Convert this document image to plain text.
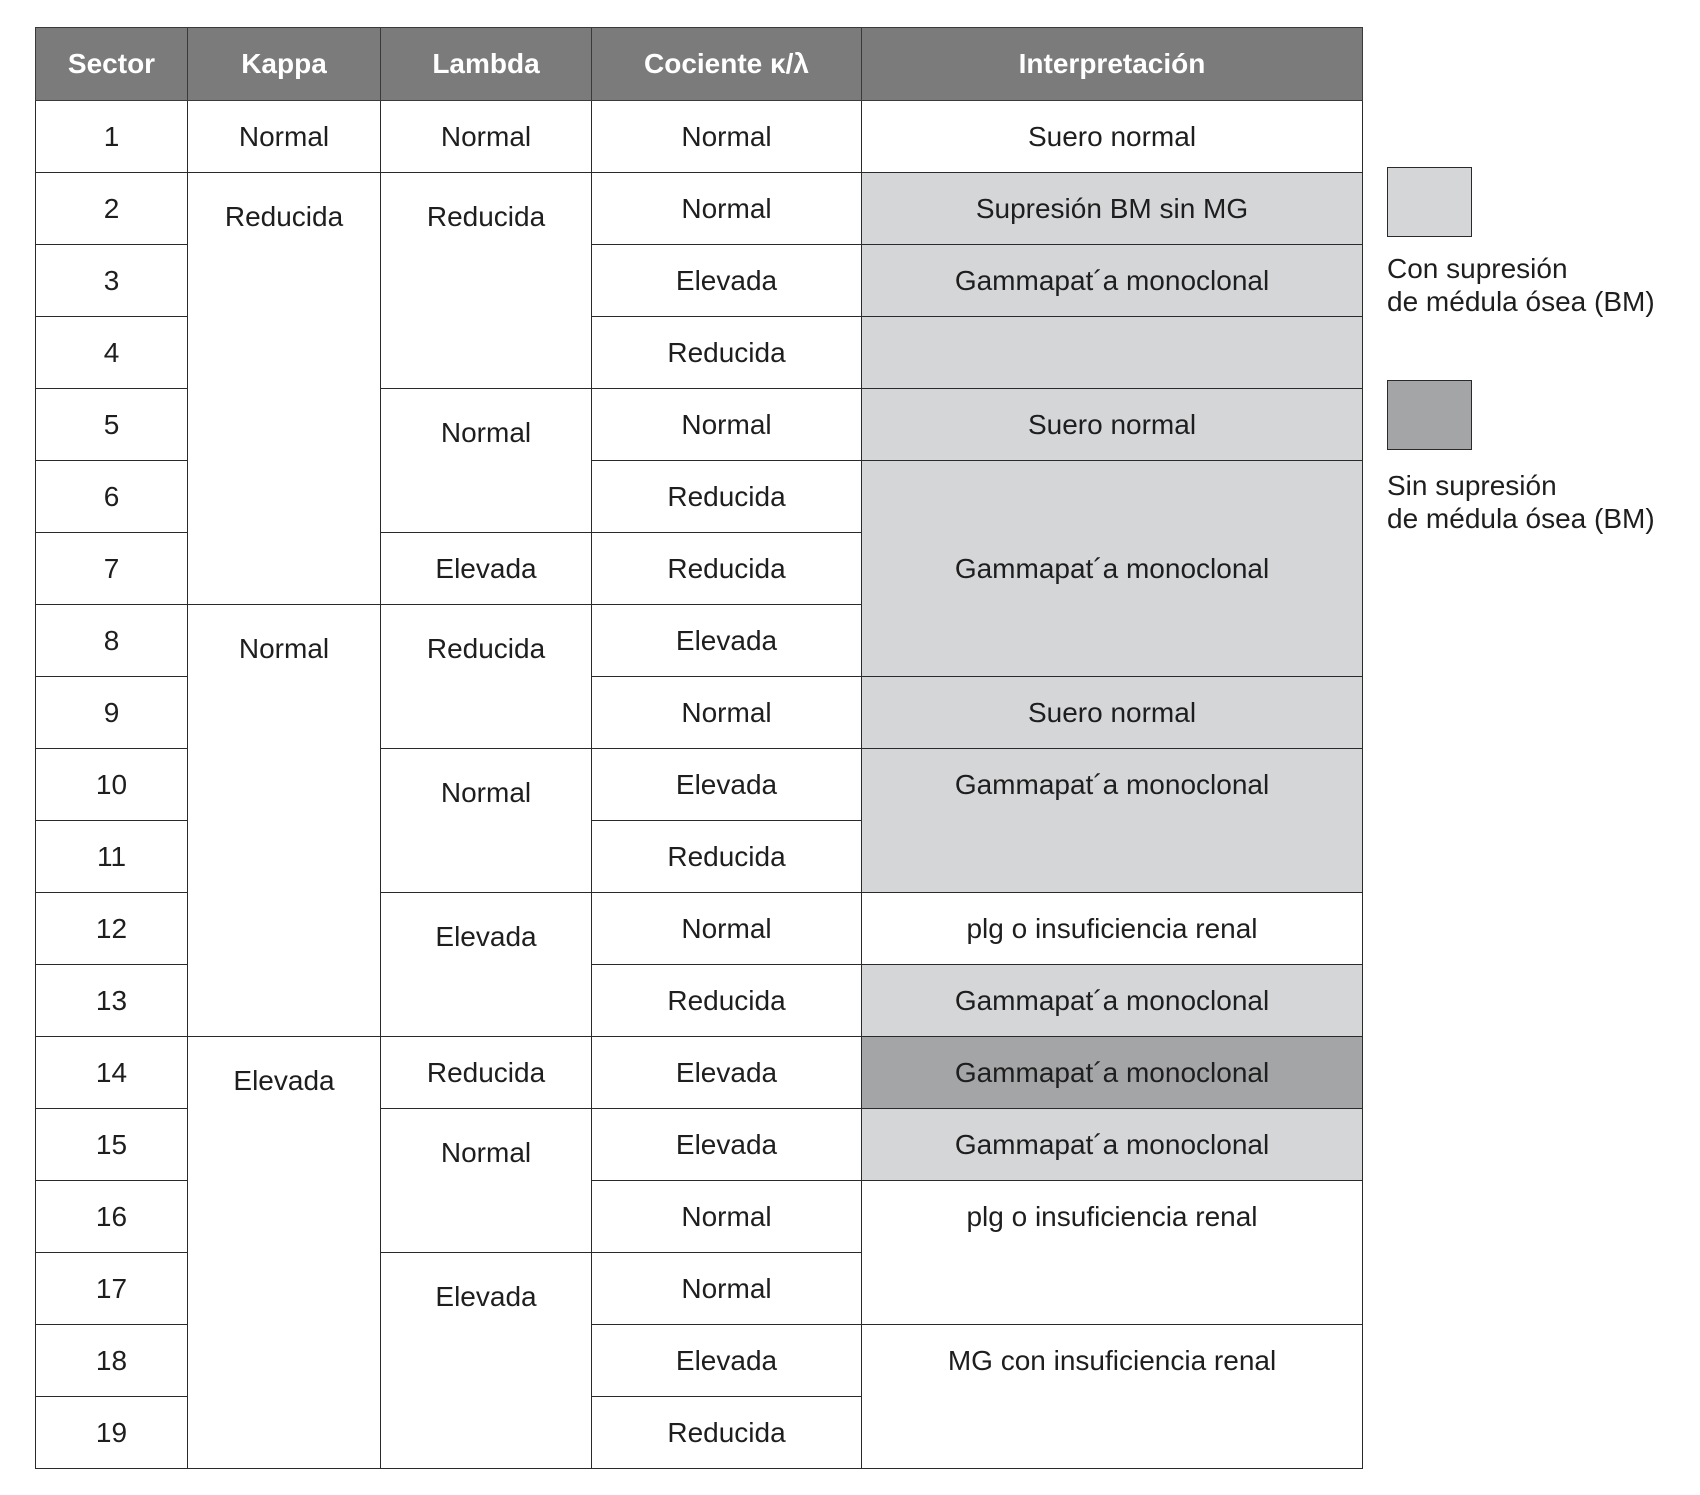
Sector	Kappa	Lambda	Cociente κ/λ	Interpretación
1	Normal	Normal	Normal	Suero normal
2	Reducida	Reducida	Normal	Supresión BM sin MG
3			Elevada	Gammapat´a monoclonal
4			Reducida	
5		Normal	Normal	Suero normal
6			Reducida	Gammapat´a monoclonal
7		Elevada	Reducida	
8	Normal	Reducida	Elevada	
9			Normal	Suero normal
10		Normal	Elevada	Gammapat´a monoclonal
11			Reducida	
12		Elevada	Normal	plg o insuficiencia renal
13			Reducida	Gammapat´a monoclonal
14	Elevada	Reducida	Elevada	Gammapat´a monoclonal
15		Normal	Elevada	Gammapat´a monoclonal
16			Normal	plg o insuficiencia renal
17		Elevada	Normal	
18			Elevada	MG con insuficiencia renal
19			Reducida	
Con supresión
de médula ósea (BM)
Sin supresión
de médula ósea (BM)
